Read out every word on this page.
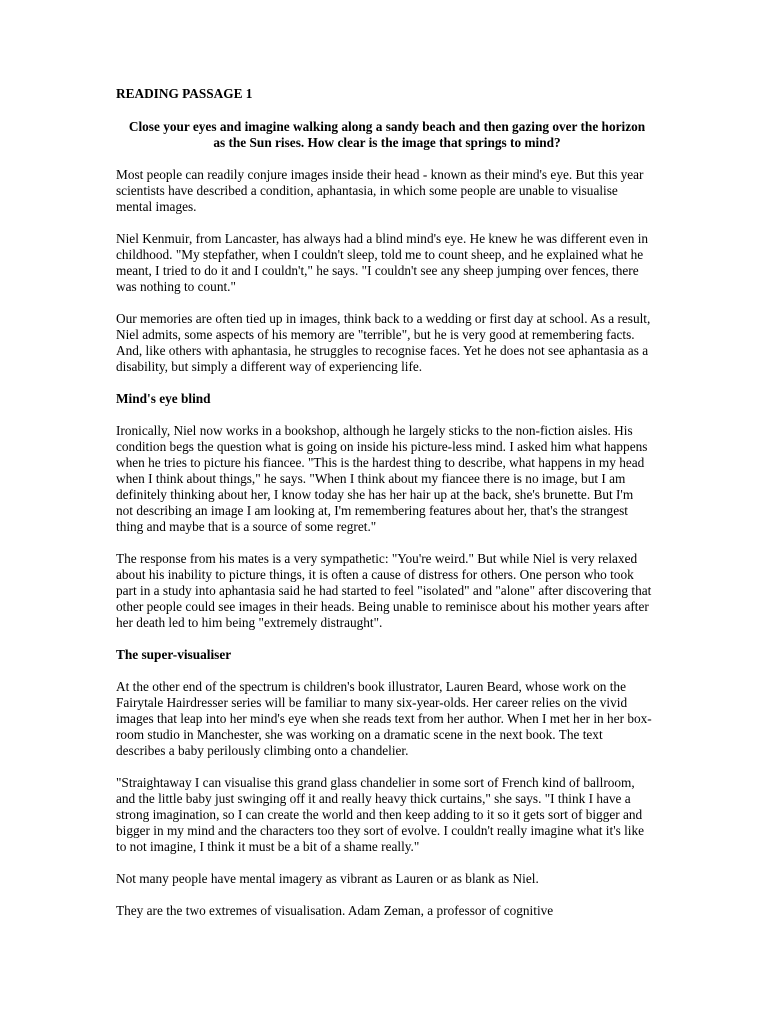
READING PASSAGE 1
Close your eyes and imagine walking along a sandy beach and then gazing over the horizon as the Sun rises. How clear is the image that springs to mind?

Most people can readily conjure images inside their head - known as their mind's eye. But this year scientists have described a condition, aphantasia, in which some people are unable to visualise mental images.

Niel Kenmuir, from Lancaster, has always had a blind mind's eye. He knew he was different even in childhood. "My stepfather, when I couldn't sleep, told me to count sheep, and he explained what he meant, I tried to do it and I couldn't," he says. "I couldn't see any sheep jumping over fences, there was nothing to count."

Our memories are often tied up in images, think back to a wedding or first day at school. As a result, Niel admits, some aspects of his memory are "terrible", but he is very good at remembering facts. And, like others with aphantasia, he struggles to recognise faces. Yet he does not see aphantasia as a disability, but simply a different way of experiencing life.

Mind's eye blind

Ironically, Niel now works in a bookshop, although he largely sticks to the non-fiction aisles. His condition begs the question what is going on inside his picture-less mind. I asked him what happens when he tries to picture his fiancee. "This is the hardest thing to describe, what happens in my head when I think about things," he says. "When I think about my fiancee there is no image, but I am definitely thinking about her, I know today she has her hair up at the back, she's brunette. But I'm not describing an image I am looking at, I'm remembering features about her, that's the strangest thing and maybe that is a source of some regret."

The response from his mates is a very sympathetic: "You're weird." But while Niel is very relaxed about his inability to picture things, it is often a cause of distress for others. One person who took part in a study into aphantasia said he had started to feel "isolated" and "alone" after discovering that other people could see images in their heads. Being unable to reminisce about his mother years after her death led to him being "extremely distraught".

The super-visualiser

At the other end of the spectrum is children's book illustrator, Lauren Beard, whose work on the Fairytale Hairdresser series will be familiar to many six-year-olds. Her career relies on the vivid images that leap into her mind's eye when she reads text from her author. When I met her in her box-room studio in Manchester, she was working on a dramatic scene in the next book. The text describes a baby perilously climbing onto a chandelier.

"Straightaway I can visualise this grand glass chandelier in some sort of French kind of ballroom, and the little baby just swinging off it and really heavy thick curtains," she says. "I think I have a strong imagination, so I can create the world and then keep adding to it so it gets sort of bigger and bigger in my mind and the characters too they sort of evolve. I couldn't really imagine what it's like to not imagine, I think it must be a bit of a shame really."

Not many people have mental imagery as vibrant as Lauren or as blank as Niel.

They are the two extremes of visualisation. Adam Zeman, a professor of cognitive
